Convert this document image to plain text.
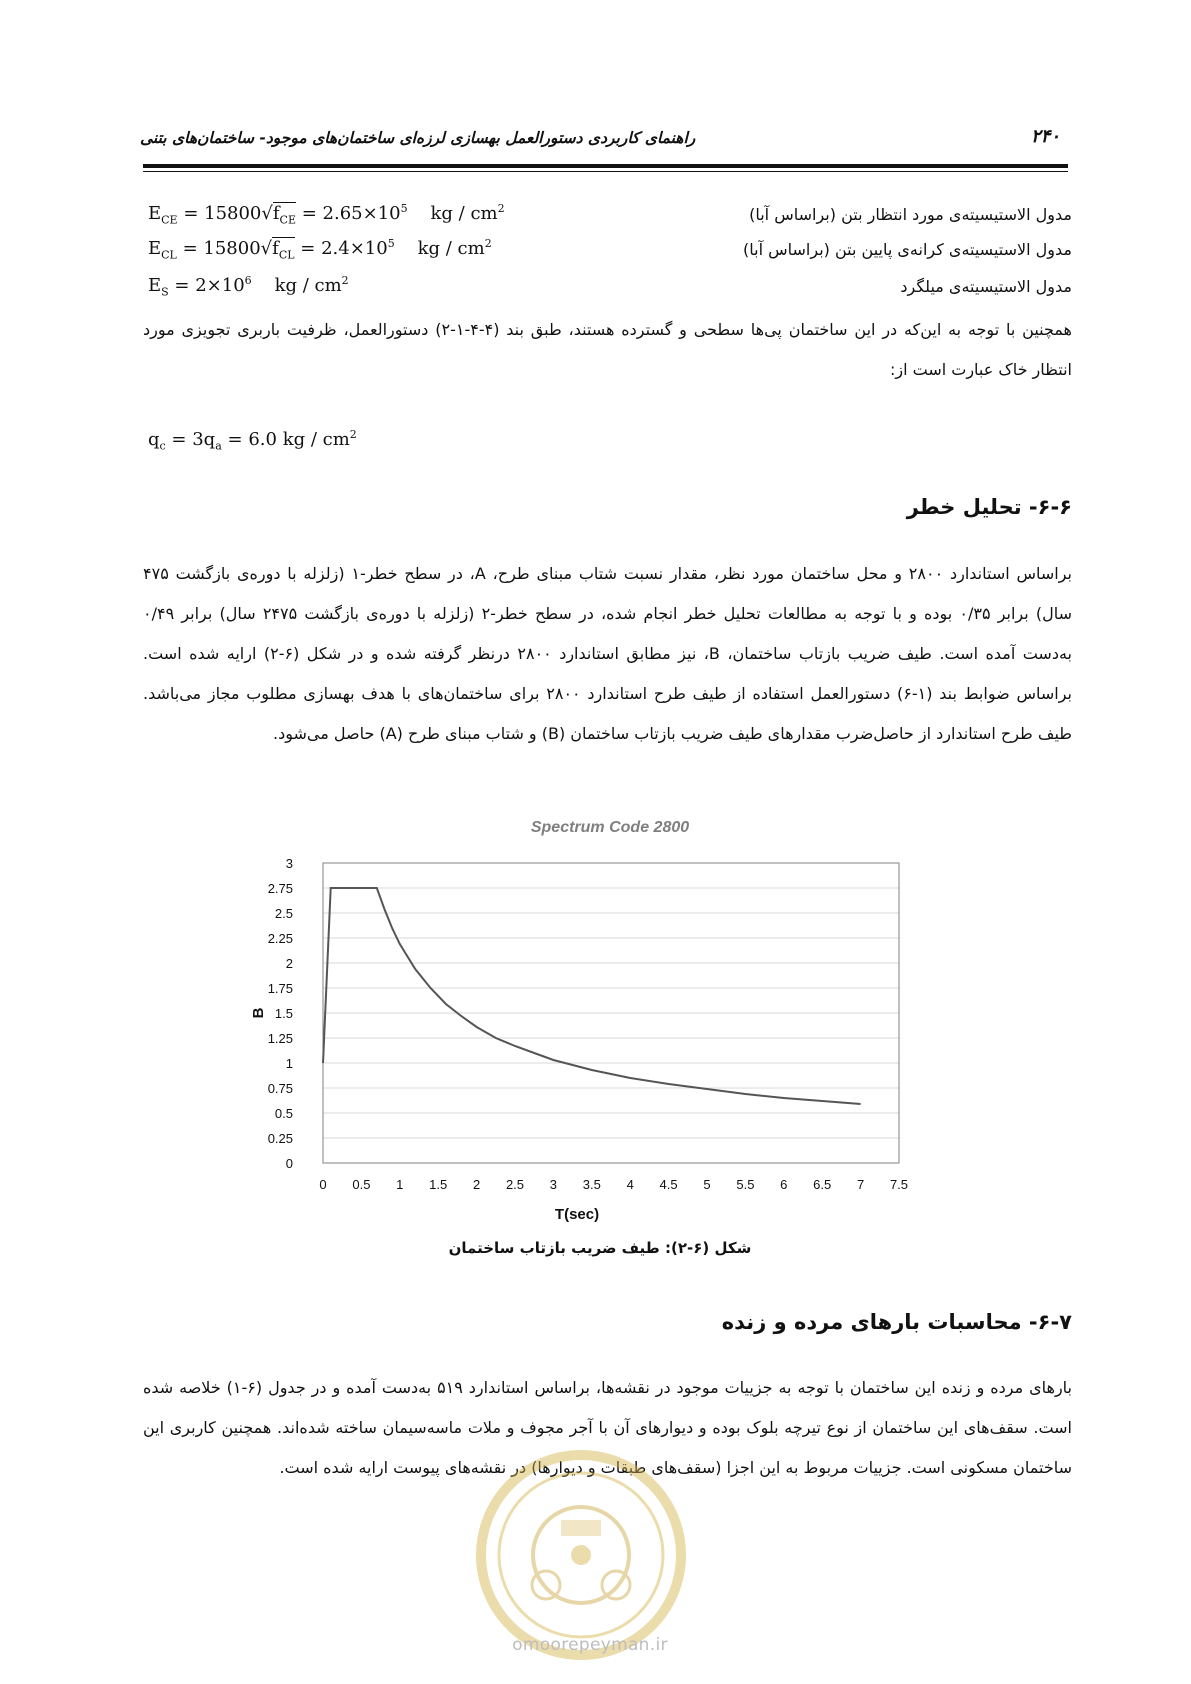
۲۴۰
راهنمای کاربردی دستورالعمل بهسازی لرزه‌ای ساختمان‌های موجود- ساختمان‌های بتنی
مدول الاستیسیته‌ی مورد انتظار بتن (براساس آبا)
$E_{CE} = 15800√f_{CE} = 2.65\times 10^5$ kg / $cm^2$
مدول الاستیسیته‌ی کرانه‌ی پایین بتن (براساس آبا)
$E_{CL} = 15800√f_{CL} = 2.4\times 10^5$ kg / $cm^2$
مدول الاستیسیته‌ی میلگرد
$E_S = 2\times 10^6$ kg / $cm^2$
همچنین با توجه به این‌که در این ساختمان پی‌ها سطحی و گسترده هستند، طبق بند (۴-۴-۱-۲) دستورالعمل، ظرفیت باربری تجویزی مورد انتظار خاک عبارت است از:
$q_c = 3q_a = 6.0$ kg / $cm^2$
۶-۶- تحلیل خطر
براساس استاندارد ۲۸۰۰ و محل ساختمان مورد نظر، مقدار نسبت شتاب مبنای طرح، A، در سطح خطر-۱ (زلزله با دوره‌ی بازگشت ۴۷۵ سال) برابر ۰/۳۵ بوده و با توجه به مطالعات تحلیل خطر انجام شده، در سطح خطر-۲ (زلزله با دوره‌ی بازگشت ۲۴۷۵ سال) برابر ۰/۴۹ به‌دست آمده است. طیف ضریب بازتاب ساختمان، B، نیز مطابق استاندارد ۲۸۰۰ درنظر گرفته شده و در شکل (۶-۲) ارایه شده است. براساس ضوابط بند (۱-۶) دستورالعمل استفاده از طیف طرح استاندارد ۲۸۰۰ برای ساختمان‌های با هدف بهسازی مطلوب مجاز می‌باشد. طیف طرح استاندارد از حاصل‌ضرب مقدارهای طیف ضریب بازتاب ساختمان (B) و شتاب مبنای طرح (A) حاصل می‌شود.
Spectrum Code 2800
0
0.25
0.5
0.75
1
1.25
1.5
1.75
2
2.25
2.5
2.75
3
0 0.5 1 1.5 2 2.5 3 3.5 4 4.5 5 5.5 6 6.5 7 7.5
B
T(sec)
شکل (۶-۲): طیف ضریب بازتاب ساختمان
۶-۷- محاسبات بارهای مرده و زنده
بارهای مرده و زنده این ساختمان با توجه به جزییات موجود در نقشه‌ها، براساس استاندارد ۵۱۹ به‌دست آمده و در جدول (۶-۱) خلاصه شده است. سقف‌های این ساختمان از نوع تیرچه بلوک بوده و دیوارهای آن با آجر مجوف و ملات ماسه‌سیمان ساخته شده‌اند. همچنین کاربری این ساختمان مسکونی است. جزییات مربوط به این اجزا (سقف‌های طبقات و دیوارها) در نقشه‌های پیوست ارایه شده است.
omoorepeyman.ir
